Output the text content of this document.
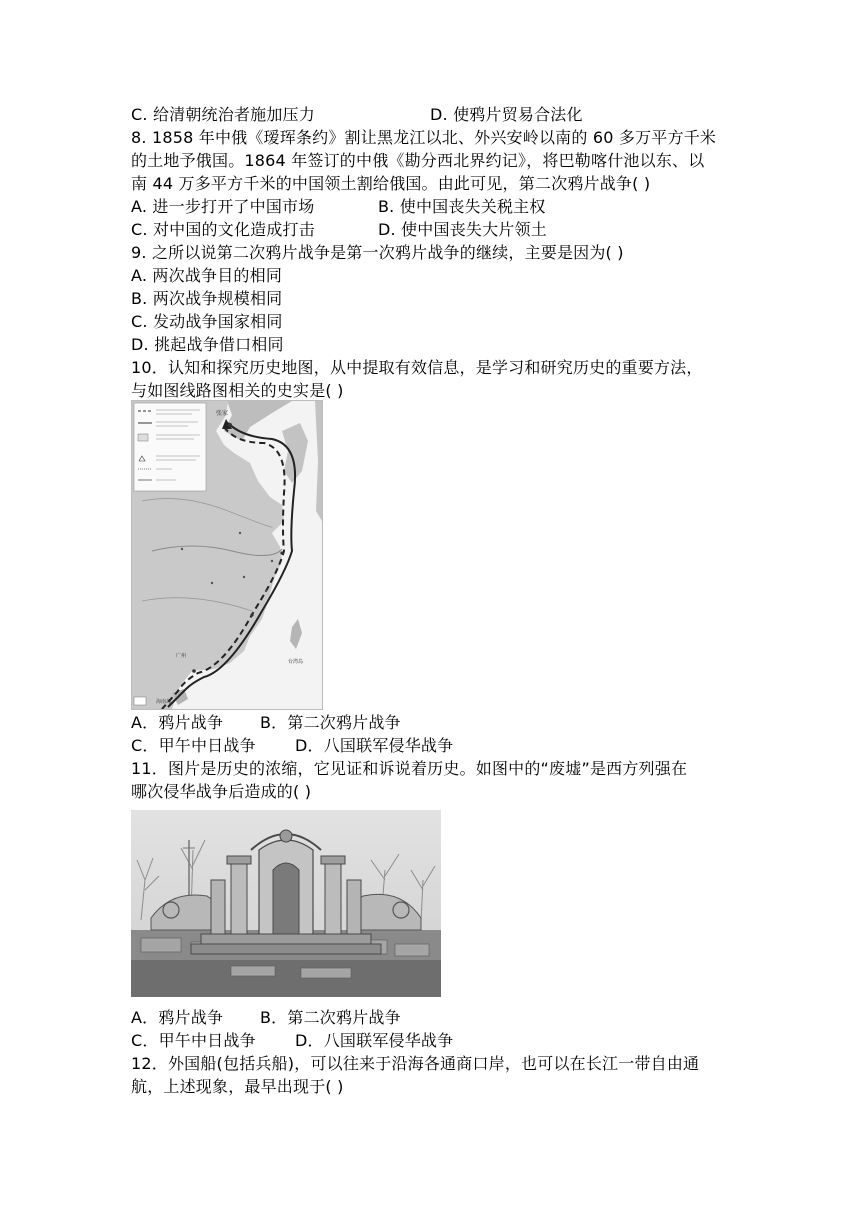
C. 给清朝统治者施加压力	D. 使鸦片贸易合法化
8. 1858 年中俄《瑷珲条约》割让黑龙江以北、外兴安岭以南的 60 多万平方千米
的土地予俄国。1864 年签订的中俄《勘分西北界约记》，将巴勒喀什池以东、以
南 44 万多平方千米的中国领土割给俄国。由此可见，第二次鸦片战争( )
A. 进一步打开了中国市场	B. 使中国丧失关税主权
C. 对中国的文化造成打击	D. 使中国丧失大片领土
9. 之所以说第二次鸦片战争是第一次鸦片战争的继续，主要是因为( )
A. 两次战争目的相同
B. 两次战争规模相同
C. 发动战争国家相同
D. 挑起战争借口相同
10．认知和探究历史地图，从中提取有效信息，是学习和研究历史的重要方法，
与如图线路图相关的史实是( )
张家
广州
台湾岛
海南岛
A．鸦片战争 B．第二次鸦片战争
C．甲午中日战争 D．八国联军侵华战争
11．图片是历史的浓缩，它见证和诉说着历史。如图中的“废墟”是西方列强在
哪次侵华战争后造成的( )
A．鸦片战争 B．第二次鸦片战争
C．甲午中日战争 D．八国联军侵华战争
12．外国船(包括兵船)，可以往来于沿海各通商口岸，也可以在长江一带自由通
航，上述现象，最早出现于( )
